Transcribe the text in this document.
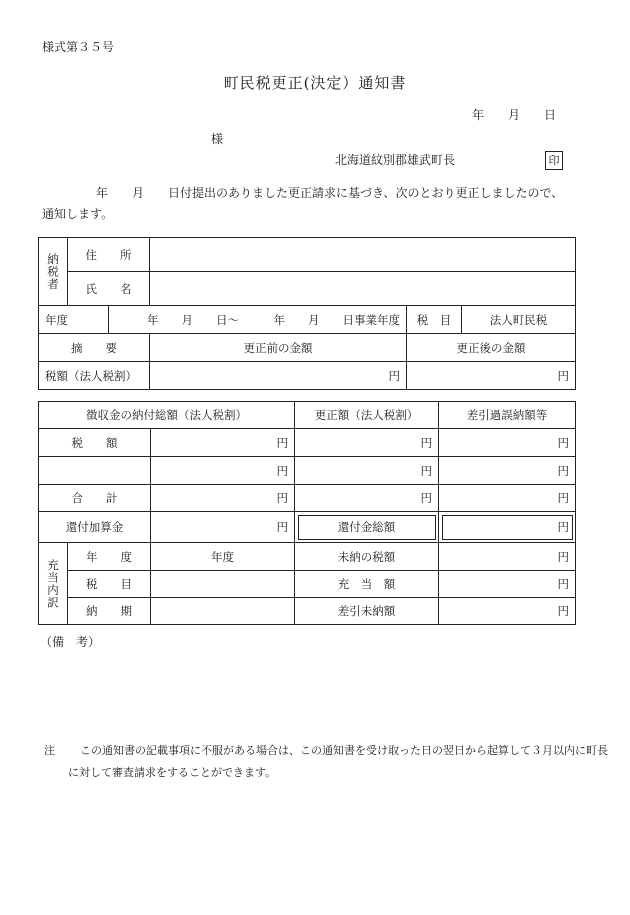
様式第３５号
町民税更正(決定）通知書
年　　月　　日
様
北海道紋別郡雄武町長	印
年　　月　　日付提出のありました更正請求に基づき、次のとおり更正しましたので、
通知します。
納税者	住　　所				
	氏　　名				
年度		年　　月　　日〜　　　年　　月　　日事業年度		税　目	法人町民税
摘　　要			更正前の金額	更正後の金額	
税額（法人税割）			円	円	
徴収金の納付総額（法人税割）			更正額（法人税割）	差引過誤納額等
税　　額		円	円	円
		円	円	円
合　　計		円	円	円
還付加算金		円	還付金総額	円
充当内訳	年　　度	年度	未納の税額	円
	税　　目		充　当　額	円
	納　　期		差引未納額	円
（備　考）
注 この通知書の記載事項に不服がある場合は、この通知書を受け取った日の翌日から起算して３月以内に町長
に対して審査請求をすることができます。
